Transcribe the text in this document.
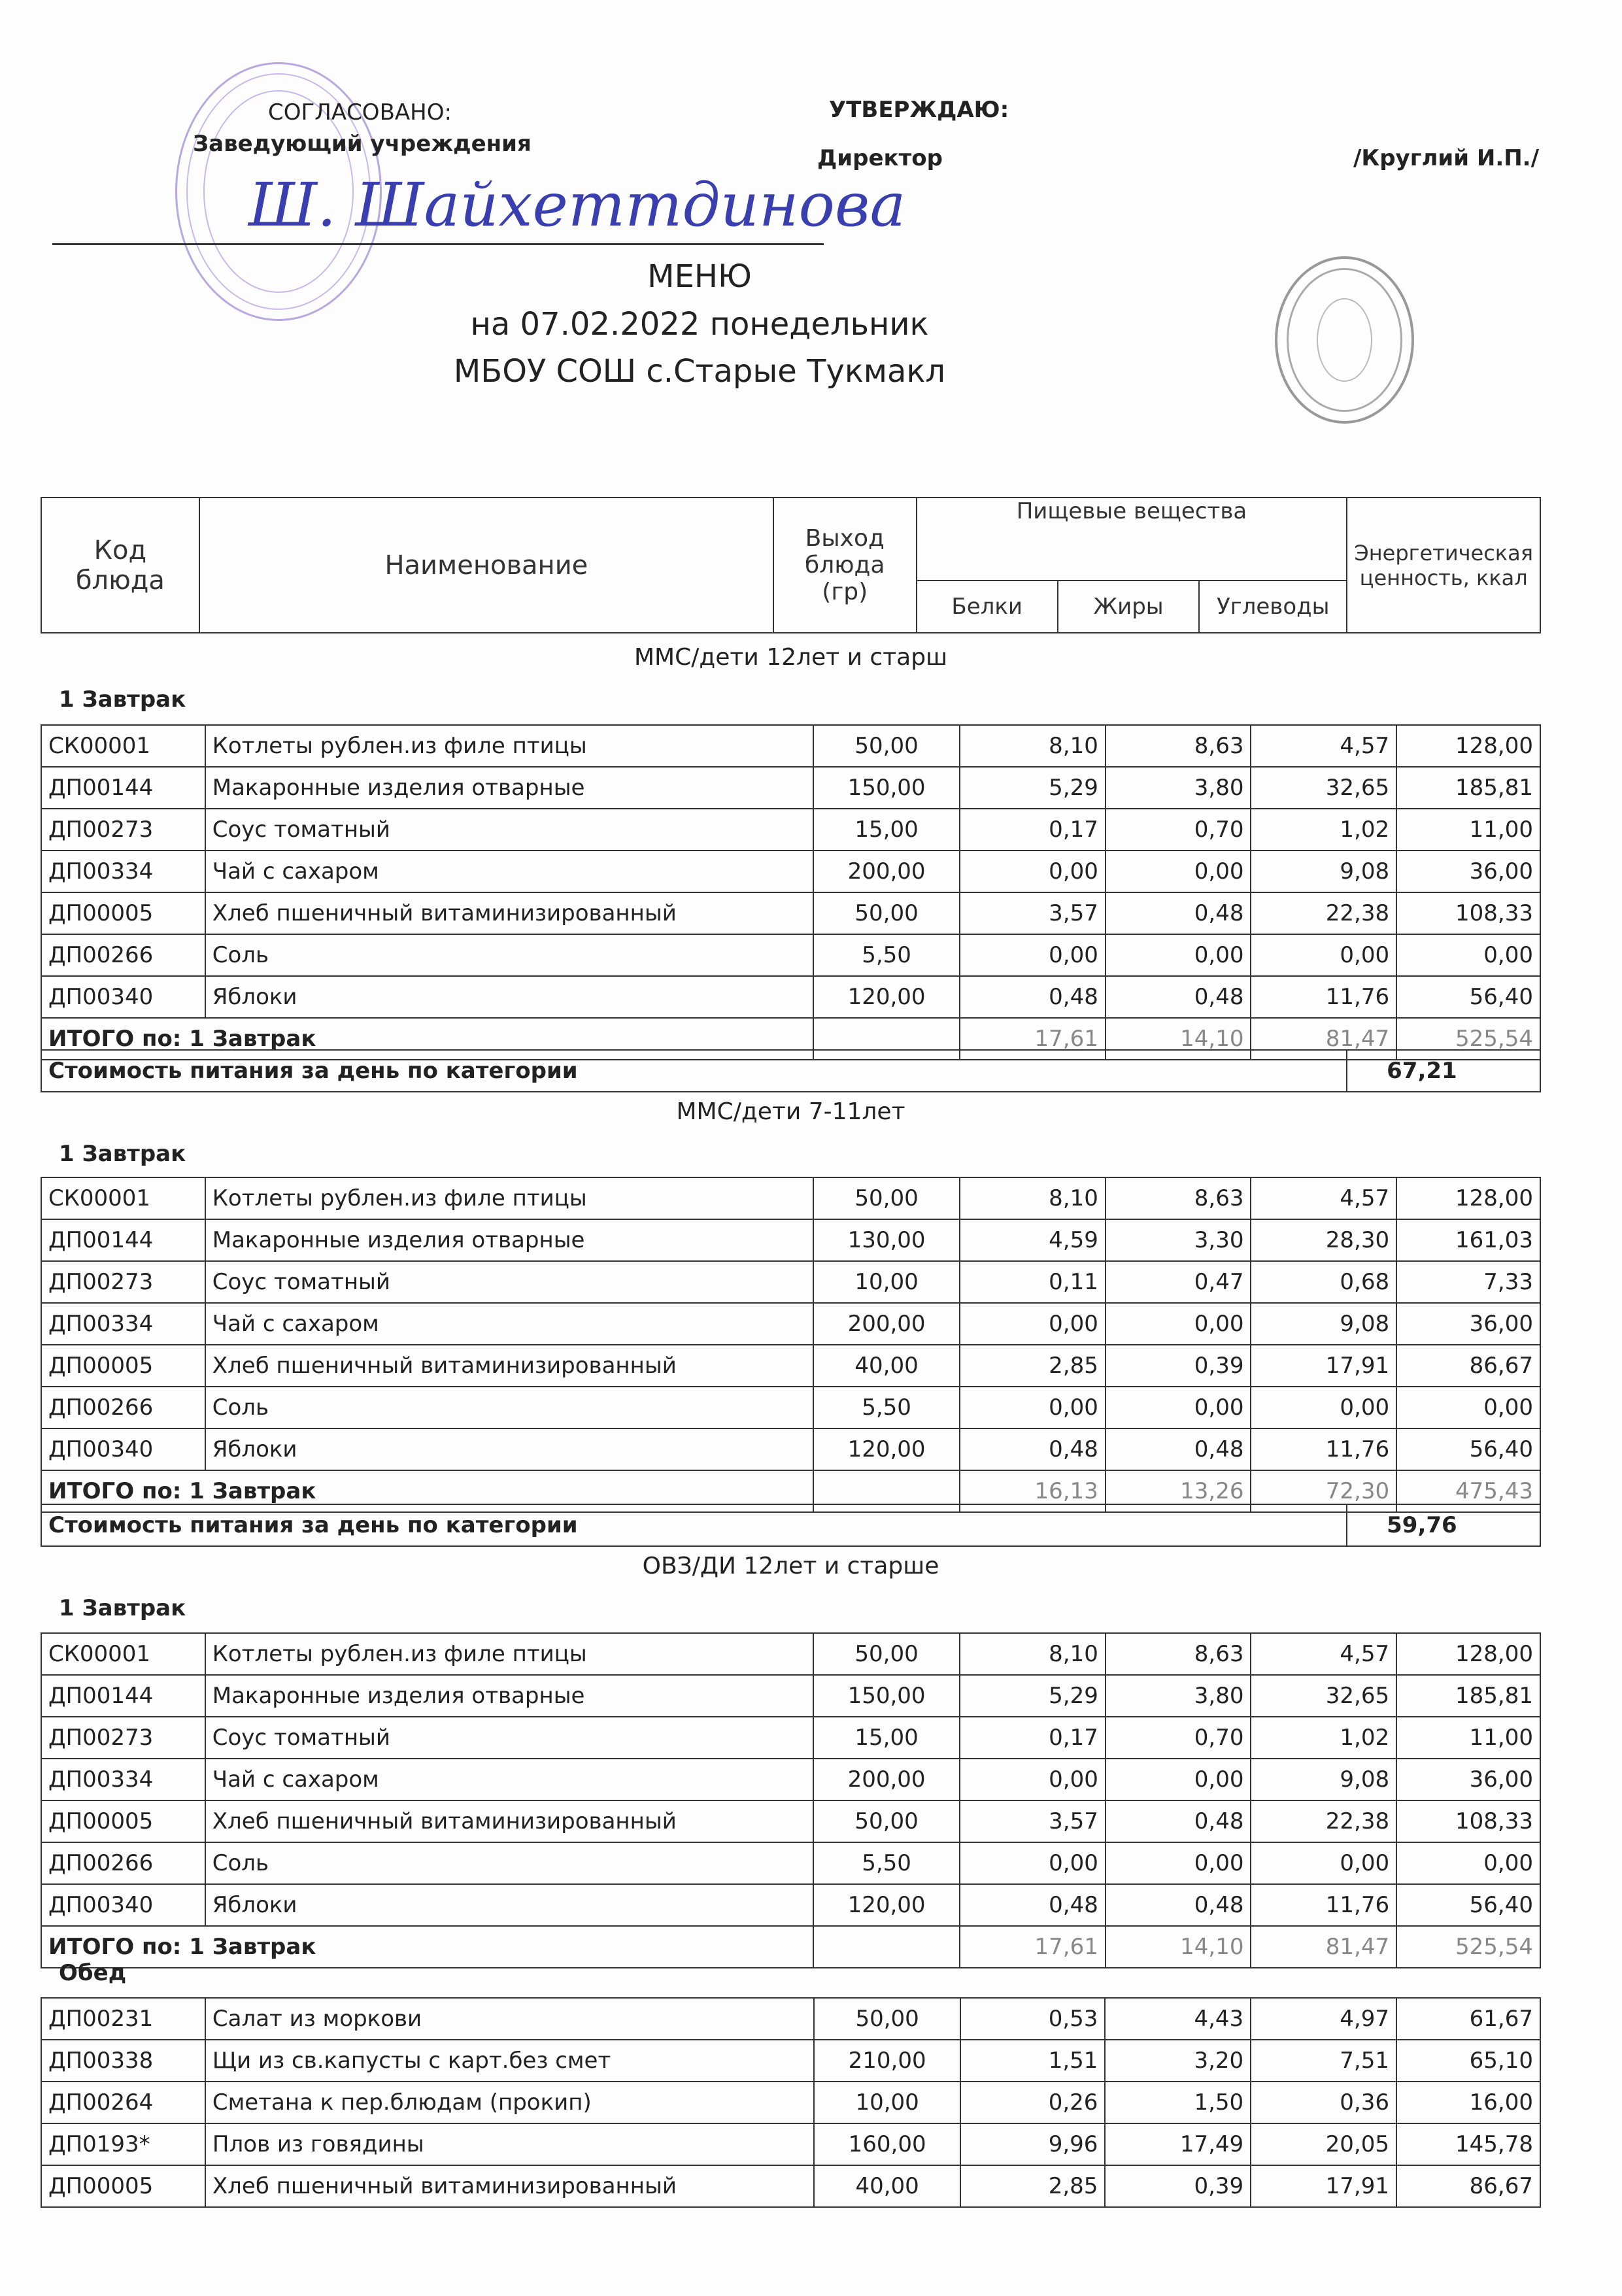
СОГЛАСОВАНО:
Заведующий учреждения
Ш. Шайхеттдинова
УТВЕРЖДАЮ:
Директор	/Круглий И.П./
МЕНЮ
на 07.02.2022 понедельник
МБОУ СОШ с.Старые Тукмакл
Код блюда	Наименование	Выход блюда (гр)	Пищевые вещества			Энергетическая ценность, ккал
			Белки	Жиры	Углеводы	
ММС/дети 12лет и старш
1 Завтрак
СК00001	Котлеты рублен.из филе птицы	50,00	8,10	8,63	4,57	128,00
ДП00144	Макаронные изделия отварные	150,00	5,29	3,80	32,65	185,81
ДП00273	Соус томатный	15,00	0,17	0,70	1,02	11,00
ДП00334	Чай с сахаром	200,00	0,00	0,00	9,08	36,00
ДП00005	Хлеб пшеничный витаминизированный	50,00	3,57	0,48	22,38	108,33
ДП00266	Соль	5,50	0,00	0,00	0,00	0,00
ДП00340	Яблоки	120,00	0,48	0,48	11,76	56,40
ИТОГО по: 1 Завтрак			17,61	14,10	81,47	525,54
Стоимость питания за день по категории	67,21
ММС/дети 7-11лет
1 Завтрак
СК00001	Котлеты рублен.из филе птицы	50,00	8,10	8,63	4,57	128,00
ДП00144	Макаронные изделия отварные	130,00	4,59	3,30	28,30	161,03
ДП00273	Соус томатный	10,00	0,11	0,47	0,68	7,33
ДП00334	Чай с сахаром	200,00	0,00	0,00	9,08	36,00
ДП00005	Хлеб пшеничный витаминизированный	40,00	2,85	0,39	17,91	86,67
ДП00266	Соль	5,50	0,00	0,00	0,00	0,00
ДП00340	Яблоки	120,00	0,48	0,48	11,76	56,40
ИТОГО по: 1 Завтрак			16,13	13,26	72,30	475,43
Стоимость питания за день по категории	59,76
ОВЗ/ДИ 12лет и старше
1 Завтрак
СК00001	Котлеты рублен.из филе птицы	50,00	8,10	8,63	4,57	128,00
ДП00144	Макаронные изделия отварные	150,00	5,29	3,80	32,65	185,81
ДП00273	Соус томатный	15,00	0,17	0,70	1,02	11,00
ДП00334	Чай с сахаром	200,00	0,00	0,00	9,08	36,00
ДП00005	Хлеб пшеничный витаминизированный	50,00	3,57	0,48	22,38	108,33
ДП00266	Соль	5,50	0,00	0,00	0,00	0,00
ДП00340	Яблоки	120,00	0,48	0,48	11,76	56,40
ИТОГО по: 1 Завтрак			17,61	14,10	81,47	525,54
Обед
ДП00231	Салат из моркови	50,00	0,53	4,43	4,97	61,67
ДП00338	Щи из св.капусты с карт.без смет	210,00	1,51	3,20	7,51	65,10
ДП00264	Сметана к пер.блюдам (прокип)	10,00	0,26	1,50	0,36	16,00
ДП0193*	Плов из говядины	160,00	9,96	17,49	20,05	145,78
ДП00005	Хлеб пшеничный витаминизированный	40,00	2,85	0,39	17,91	86,67
